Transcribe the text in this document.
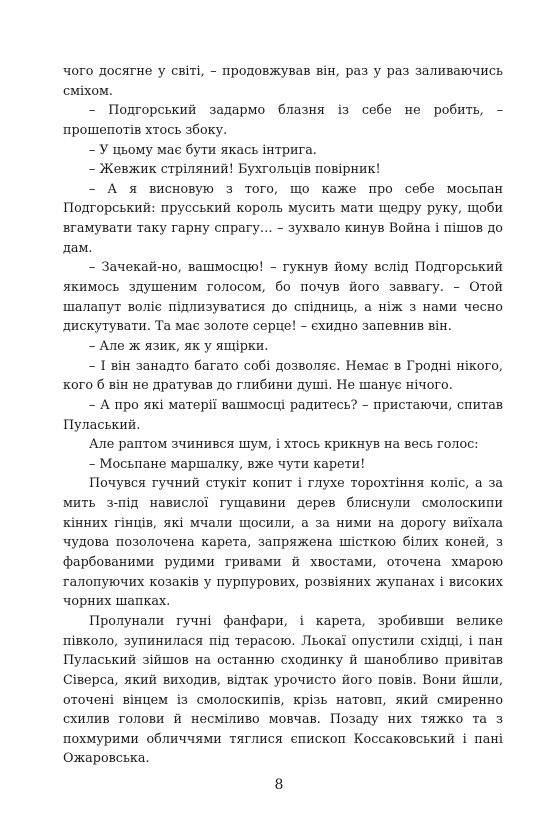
чого досягне у світі, – продовжував він, раз у раз заливаючись сміхом.

– Подгорський задармо блазня із себе не робить, – прошепотів хтось збоку.

– У цьому має бути якась інтрига.

– Жевжик стріляний! Бухгольців повірник!

– А я висновую з того, що каже про себе мосьпан Подгорський: прусський король мусить мати щедру руку, щоби вгамувати таку гарну спрагу… – зухвало кинув Война і пішов до дам.

– Зачекай-но, вашмосцю! – гукнув йому вслід Подгорський якимось здушеним голосом, бо почув його заввагу. – Отой шалапут воліє підлизуватися до спідниць, а ніж з нами чесно дискутувати. Та має золоте серце! – єхидно запевнив він.

– Але ж язик, як у ящірки.

– І він занадто багато собі дозволяє. Немає в Гродні нікого, кого б він не дратував до глибини душі. Не шанує нічого.

– А про які матерії вашмосці радитесь? – пристаючи, спитав Пуласький.

Але раптом зчинився шум, і хтось крикнув на весь голос:

– Мосьпане маршалку, вже чути карети!

Почувся гучний стукіт копит і глухе торохтіння коліс, а за мить з-під навислої гущавини дерев блиснули смолоскипи кінних гінців, які мчали щосили, а за ними на дорогу виїхала чудова позолочена карета, запряжена шісткою білих коней, з фарбованими рудими гривами й хвостами, оточена хмарою галопуючих козаків у пурпурових, розвіяних жупанах і високих чорних шапках.

Пролунали гучні фанфари, і карета, зробивши велике півколо, зупинилася під терасою. Льокаї опустили східці, і пан Пуласький зійшов на останню сходинку й шанобливо привітав Сіверса, який виходив, відтак урочисто його повів. Вони йшли, оточені вінцем із смолоскипів, крізь натовп, який смиренно схилив голови й несміливо мовчав. Позаду них тяжко та з похмурими обличчями тяглися єпископ Коссаковський і пані Ожаровська.

8
